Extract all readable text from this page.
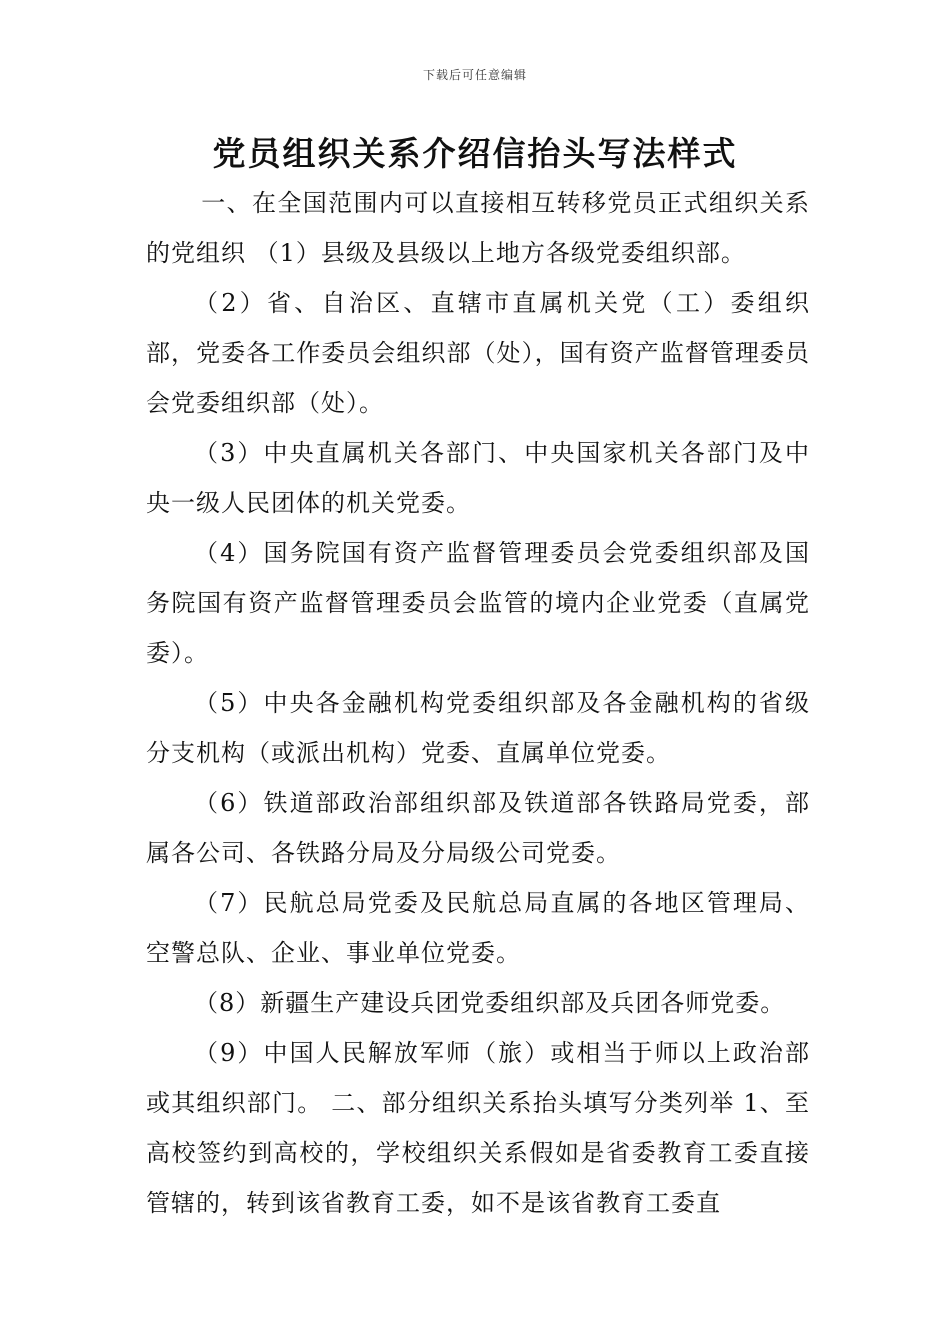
下载后可任意编辑
党员组织关系介绍信抬头写法样式

一、在全国范围内可以直接相互转移党员正式组织关系的党组织 （1）县级及县级以上地方各级党委组织部。

（2）省、自治区、直辖市直属机关党（工）委组织部，党委各工作委员会组织部（处），国有资产监督管理委员会党委组织部（处）。

（3）中央直属机关各部门、中央国家机关各部门及中央一级人民团体的机关党委。

（4）国务院国有资产监督管理委员会党委组织部及国务院国有资产监督管理委员会监管的境内企业党委（直属党委）。

（5）中央各金融机构党委组织部及各金融机构的省级分支机构（或派出机构）党委、直属单位党委。

（6）铁道部政治部组织部及铁道部各铁路局党委，部属各公司、各铁路分局及分局级公司党委。

（7）民航总局党委及民航总局直属的各地区管理局、空警总队、企业、事业单位党委。

（8）新疆生产建设兵团党委组织部及兵团各师党委。

（9）中国人民解放军师（旅）或相当于师以上政治部或其组织部门。 二、部分组织关系抬头填写分类列举 1、至高校签约到高校的，学校组织关系假如是省委教育工委直接管辖的，转到该省教育工委，如不是该省教育工委直
